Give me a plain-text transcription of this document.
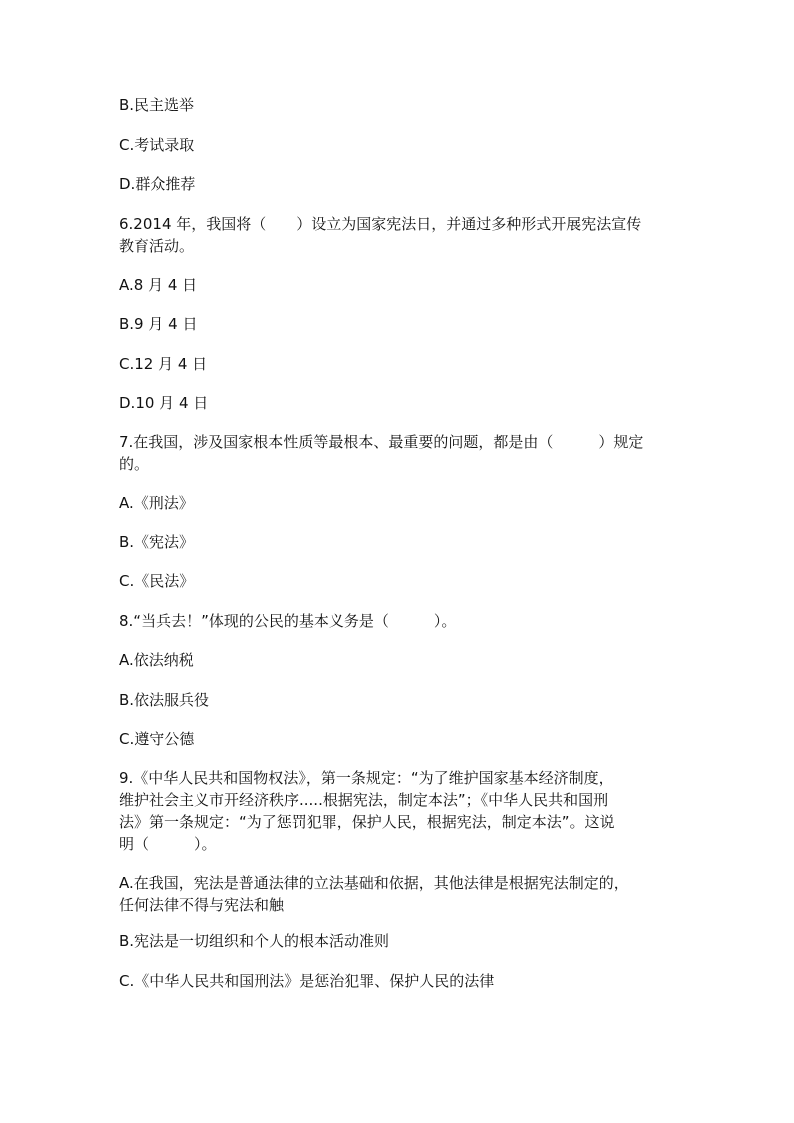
B.民主选举
C.考试录取
D.群众推荐
6.2014 年，我国将（　　）设立为国家宪法日，并通过多种形式开展宪法宣传
教育活动。
A.8 月 4 日
B.9 月 4 日
C.12 月 4 日
D.10 月 4 日
7.在我国，涉及国家根本性质等最根本、最重要的问题，都是由（　　　）规定
的。
A.《刑法》
B.《宪法》
C.《民法》
8.“当兵去！”体现的公民的基本义务是（　　　）。
A.依法纳税
B.依法服兵役
C.遵守公德
9.《中华人民共和国物权法》，第一条规定：“为了维护国家基本经济制度，
维护社会主义市开经济秩序.....根据宪法，制定本法”；《中华人民共和国刑
法》第一条规定：“为了惩罚犯罪，保护人民，根据宪法，制定本法”。这说
明（　　　）。
A.在我国，宪法是普通法律的立法基础和依据，其他法律是根据宪法制定的，
任何法律不得与宪法和触
B.宪法是一切组织和个人的根本活动准则
C.《中华人民共和国刑法》是惩治犯罪、保护人民的法律
